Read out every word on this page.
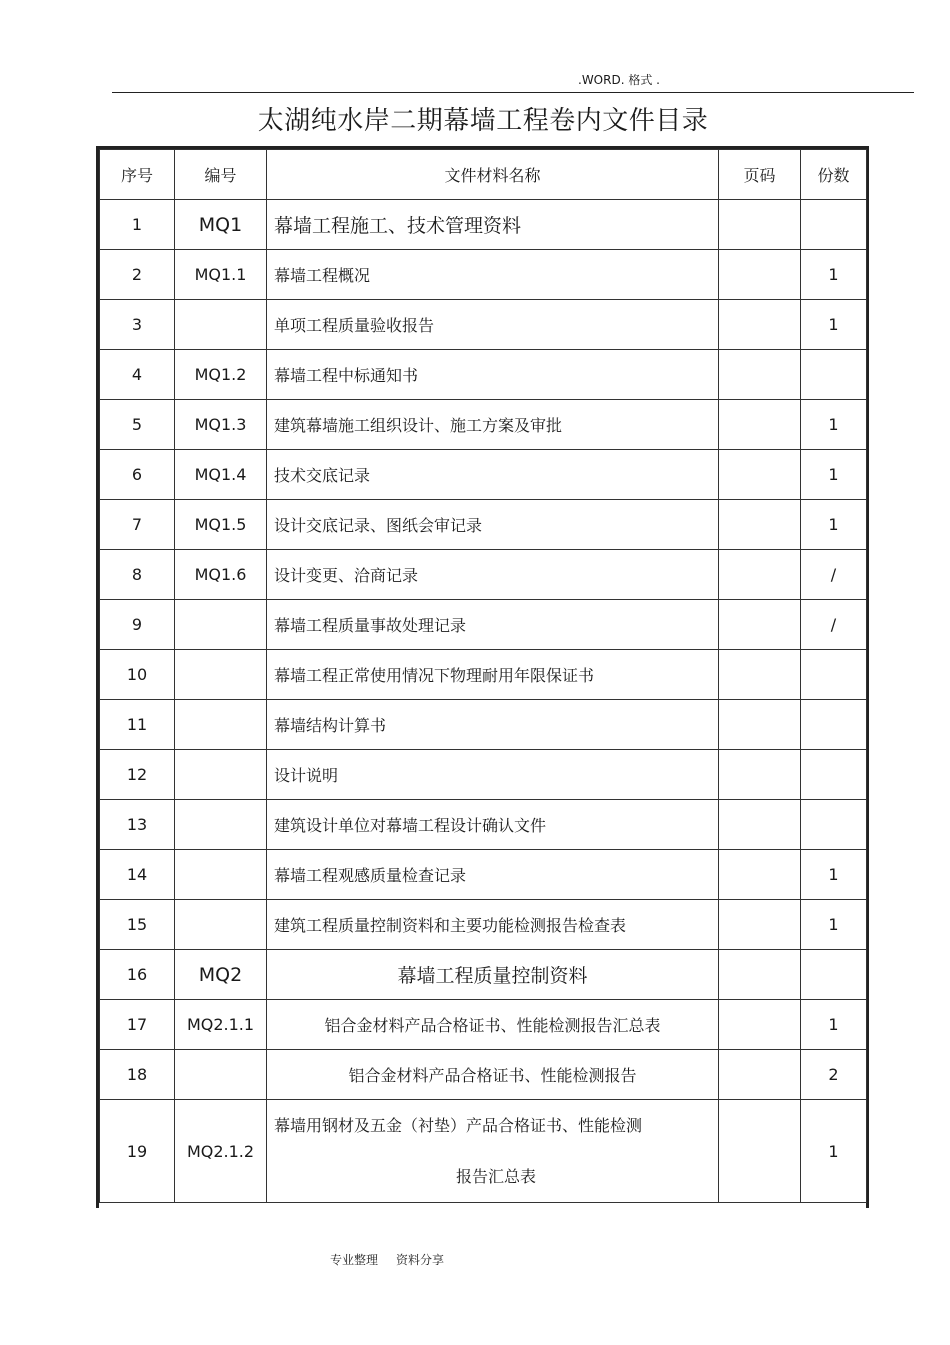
.WORD. 格式 .
太湖纯水岸二期幕墙工程卷内文件目录
序号	编号	文件材料名称	页码	份数
1	MQ1	幕墙工程施工、技术管理资料		
2	MQ1.1	幕墙工程概况		1
3		单项工程质量验收报告		1
4	MQ1.2	幕墙工程中标通知书		
5	MQ1.3	建筑幕墙施工组织设计、施工方案及审批		1
6	MQ1.4	技术交底记录		1
7	MQ1.5	设计交底记录、图纸会审记录		1
8	MQ1.6	设计变更、洽商记录		/
9		幕墙工程质量事故处理记录		/
10		幕墙工程正常使用情况下物理耐用年限保证书		
11		幕墙结构计算书		
12		设计说明		
13		建筑设计单位对幕墙工程设计确认文件		
14		幕墙工程观感质量检查记录		1
15		建筑工程质量控制资料和主要功能检测报告检查表		1
16	MQ2	幕墙工程质量控制资料		
17	MQ2.1.1	铝合金材料产品合格证书、性能检测报告汇总表		1
18		铝合金材料产品合格证书、性能检测报告		2
19	MQ2.1.2	幕墙用钢材及五金（衬垫）产品合格证书、性能检测
报告汇总表		1
专业整理 资料分享
